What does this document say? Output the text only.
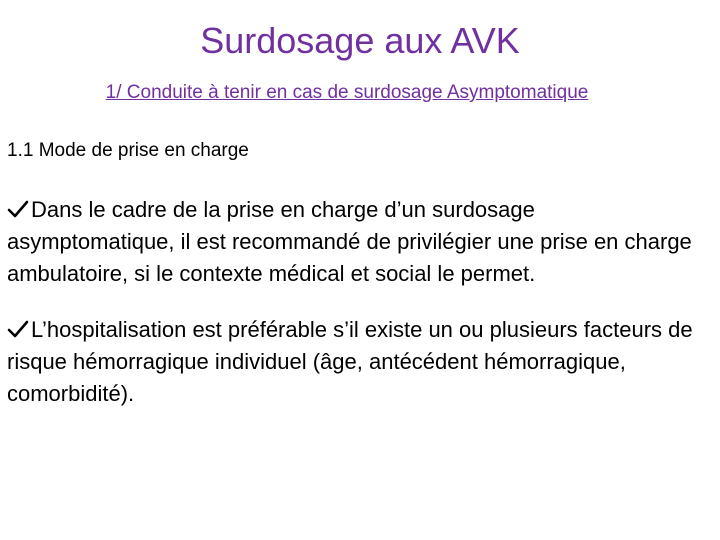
Surdosage aux AVK
1/ Conduite à tenir en cas de surdosage Asymptomatique
1.1 Mode de prise en charge
Dans le cadre de la prise en charge d’un surdosage asymptomatique, il est recommandé de privilégier une prise en charge ambulatoire, si le contexte médical et social le permet.
L’hospitalisation est préférable s’il existe un ou plusieurs facteurs de risque hémorragique individuel (âge, antécédent hémorragique, comorbidité).
